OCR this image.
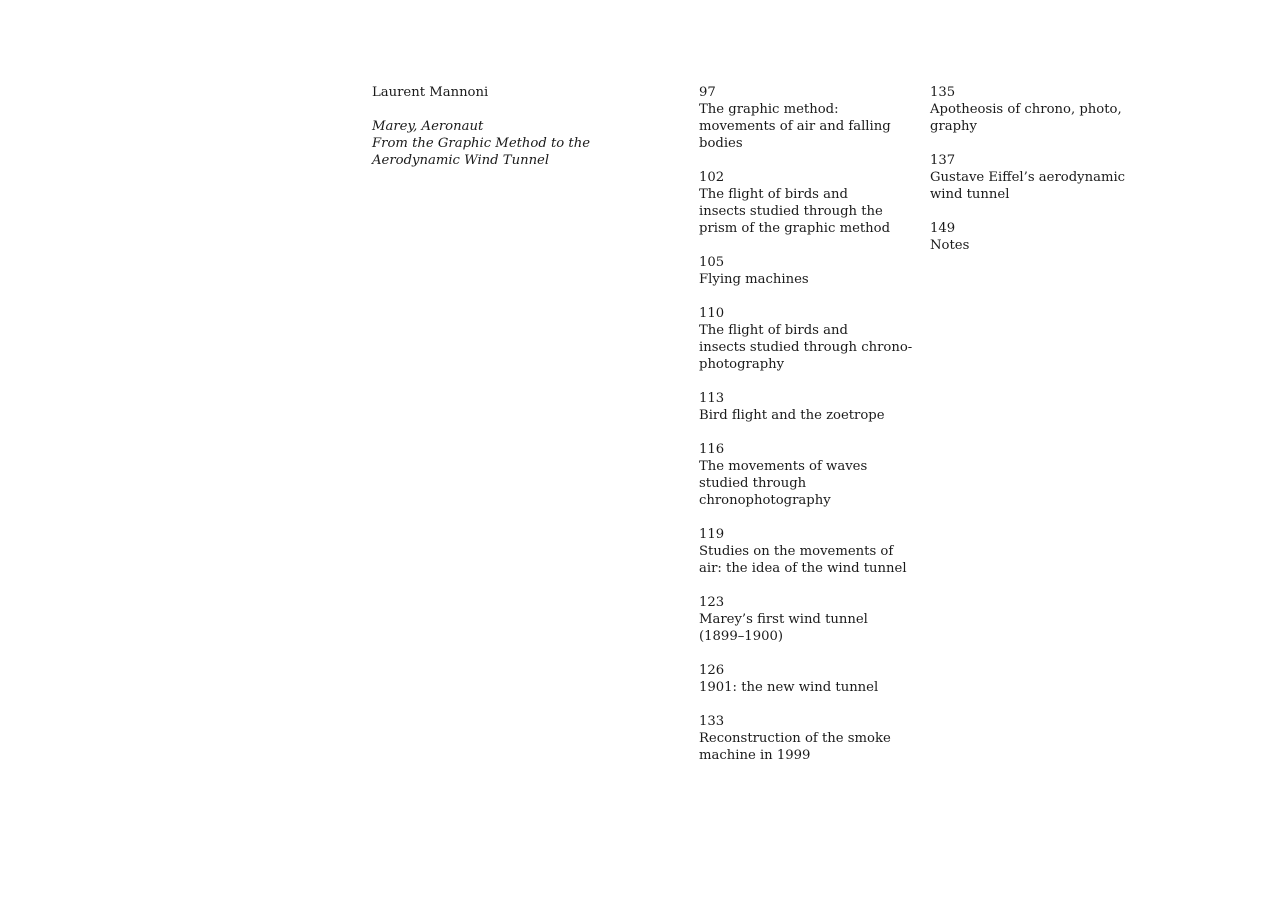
Laurent Mannoni
Marey, Aeronaut
From the Graphic Method to the
Aerodynamic Wind Tunnel
97
The graphic method:
movements of air and falling
bodies
102
The flight of birds and
insects studied through the
prism of the graphic method
105
Flying machines
110
The flight of birds and
insects studied through chrono-
photography
113
Bird flight and the zoetrope
116
The movements of waves
studied through
chronophotography
119
Studies on the movements of
air: the idea of the wind tunnel
123
Marey’s first wind tunnel
(1899–1900)
126
1901: the new wind tunnel
133
Reconstruction of the smoke
machine in 1999
135
Apotheosis of chrono, photo,
graphy
137
Gustave Eiffel’s aerodynamic
wind tunnel
149
Notes
